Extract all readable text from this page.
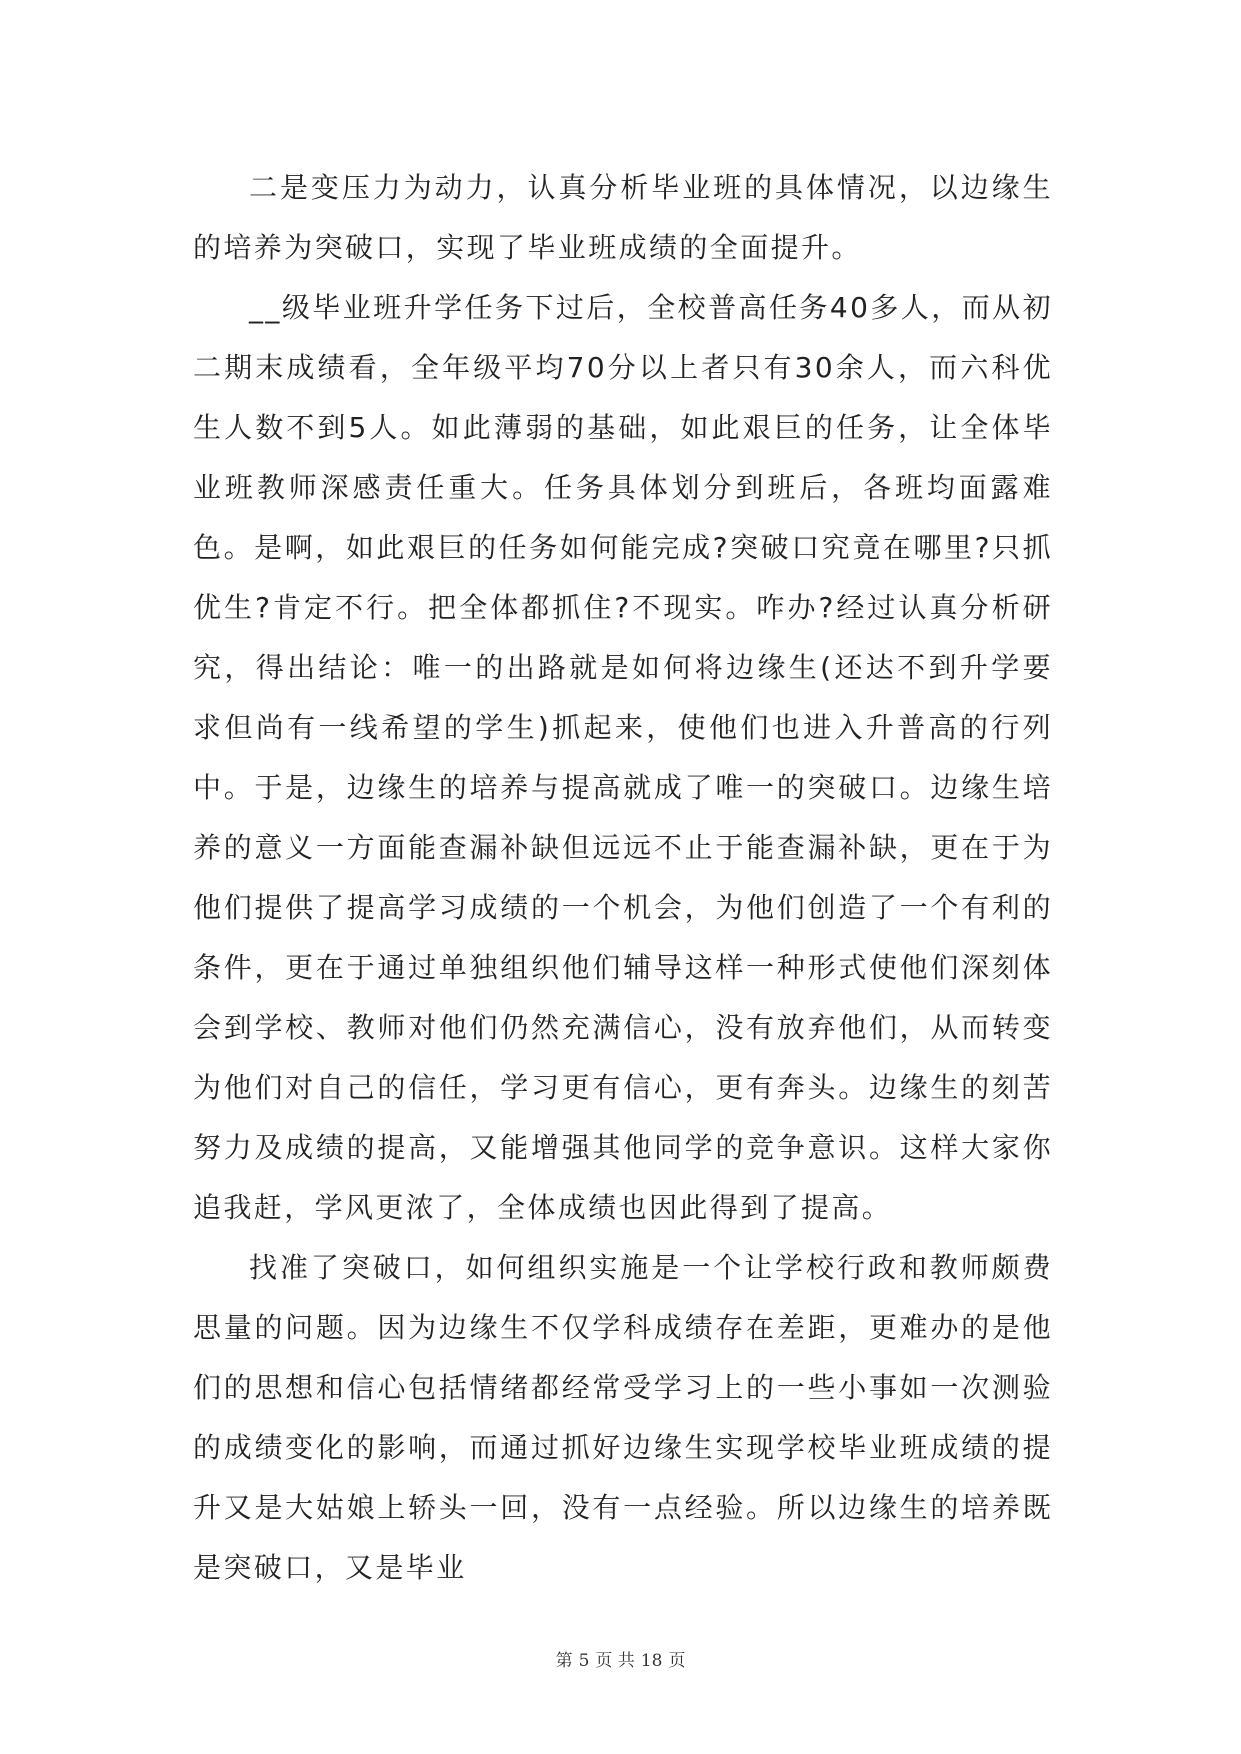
二是变压力为动力，认真分析毕业班的具体情况，以边缘生的培养为突破口，实现了毕业班成绩的全面提升。

__级毕业班升学任务下过后，全校普高任务40多人，而从初二期末成绩看，全年级平均70分以上者只有30余人，而六科优生人数不到5人。如此薄弱的基础，如此艰巨的任务，让全体毕业班教师深感责任重大。任务具体划分到班后，各班均面露难色。是啊，如此艰巨的任务如何能完成?突破口究竟在哪里?只抓优生?肯定不行。把全体都抓住?不现实。咋办?经过认真分析研究，得出结论：唯一的出路就是如何将边缘生(还达不到升学要求但尚有一线希望的学生)抓起来，使他们也进入升普高的行列中。于是，边缘生的培养与提高就成了唯一的突破口。边缘生培养的意义一方面能查漏补缺但远远不止于能查漏补缺，更在于为他们提供了提高学习成绩的一个机会，为他们创造了一个有利的条件，更在于通过单独组织他们辅导这样一种形式使他们深刻体会到学校、教师对他们仍然充满信心，没有放弃他们，从而转变为他们对自己的信任，学习更有信心，更有奔头。边缘生的刻苦努力及成绩的提高，又能增强其他同学的竞争意识。这样大家你追我赶，学风更浓了，全体成绩也因此得到了提高。

找准了突破口，如何组织实施是一个让学校行政和教师颇费思量的问题。因为边缘生不仅学科成绩存在差距，更难办的是他们的思想和信心包括情绪都经常受学习上的一些小事如一次测验的成绩变化的影响，而通过抓好边缘生实现学校毕业班成绩的提升又是大姑娘上轿头一回，没有一点经验。所以边缘生的培养既是突破口，又是毕业

第 5 页 共 18 页
